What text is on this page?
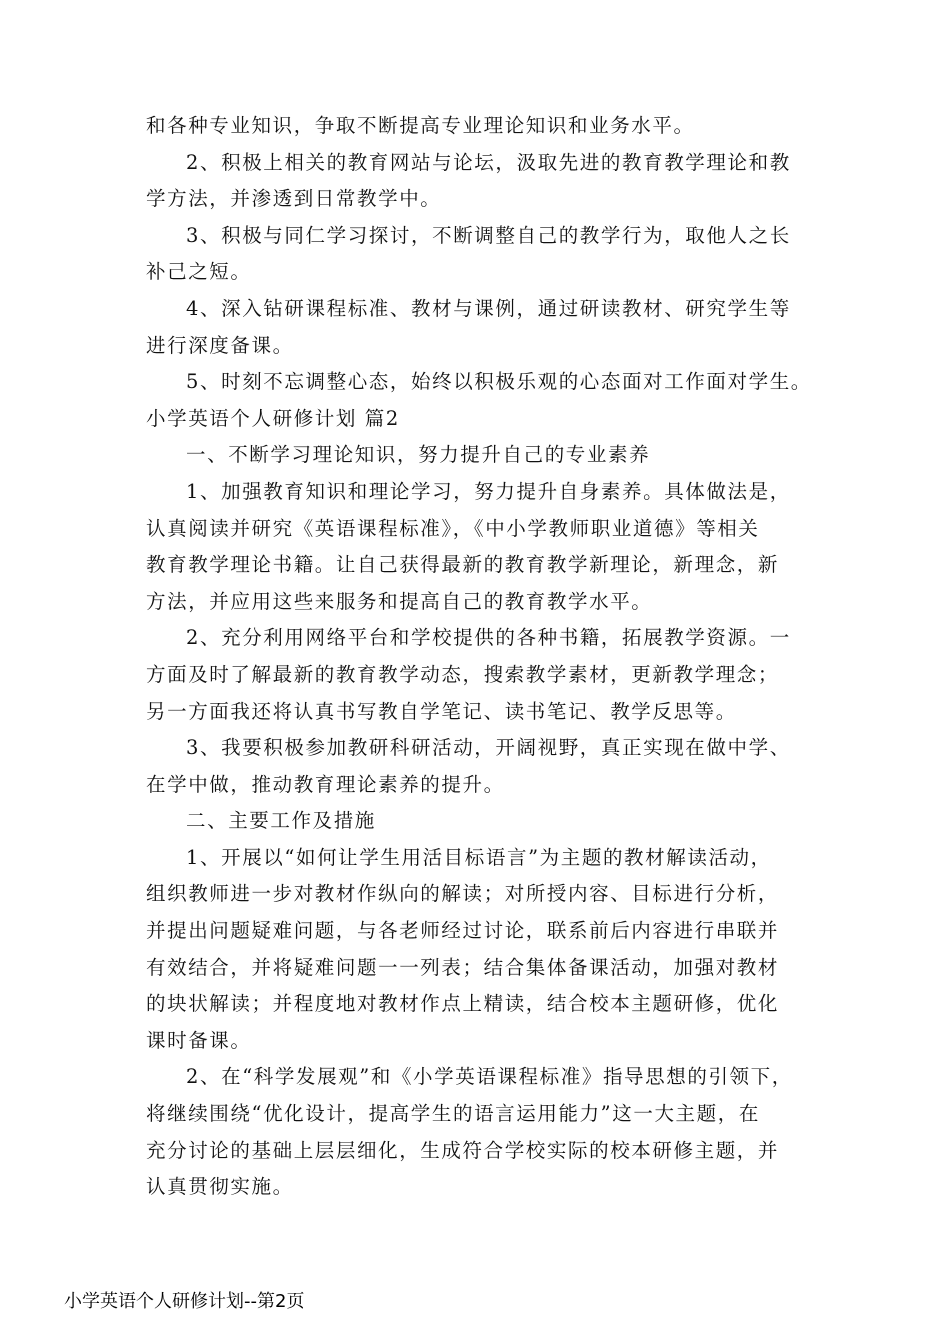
和各种专业知识，争取不断提高专业理论知识和业务水平。
2、积极上相关的教育网站与论坛，汲取先进的教育教学理论和教
学方法，并渗透到日常教学中。
3、积极与同仁学习探讨，不断调整自己的教学行为，取他人之长
补己之短。
4、深入钻研课程标准、教材与课例，通过研读教材、研究学生等
进行深度备课。
5、时刻不忘调整心态，始终以积极乐观的心态面对工作面对学生。
小学英语个人研修计划 篇2
一、不断学习理论知识，努力提升自己的专业素养
1、加强教育知识和理论学习，努力提升自身素养。具体做法是，
认真阅读并研究《英语课程标准》，《中小学教师职业道德》等相关
教育教学理论书籍。让自己获得最新的教育教学新理论，新理念，新
方法，并应用这些来服务和提高自己的教育教学水平。
2、充分利用网络平台和学校提供的各种书籍，拓展教学资源。一
方面及时了解最新的教育教学动态，搜索教学素材，更新教学理念；
另一方面我还将认真书写教自学笔记、读书笔记、教学反思等。
3、我要积极参加教研科研活动，开阔视野，真正实现在做中学、
在学中做，推动教育理论素养的提升。
二、主要工作及措施
1、开展以“如何让学生用活目标语言”为主题的教材解读活动，
组织教师进一步对教材作纵向的解读；对所授内容、目标进行分析，
并提出问题疑难问题，与各老师经过讨论，联系前后内容进行串联并
有效结合，并将疑难问题一一列表；结合集体备课活动，加强对教材
的块状解读；并程度地对教材作点上精读，结合校本主题研修，优化
课时备课。
2、在“科学发展观”和《小学英语课程标准》指导思想的引领下，
将继续围绕“优化设计，提高学生的语言运用能力”这一大主题，在
充分讨论的基础上层层细化，生成符合学校实际的校本研修主题，并
认真贯彻实施。
小学英语个人研修计划--第2页
